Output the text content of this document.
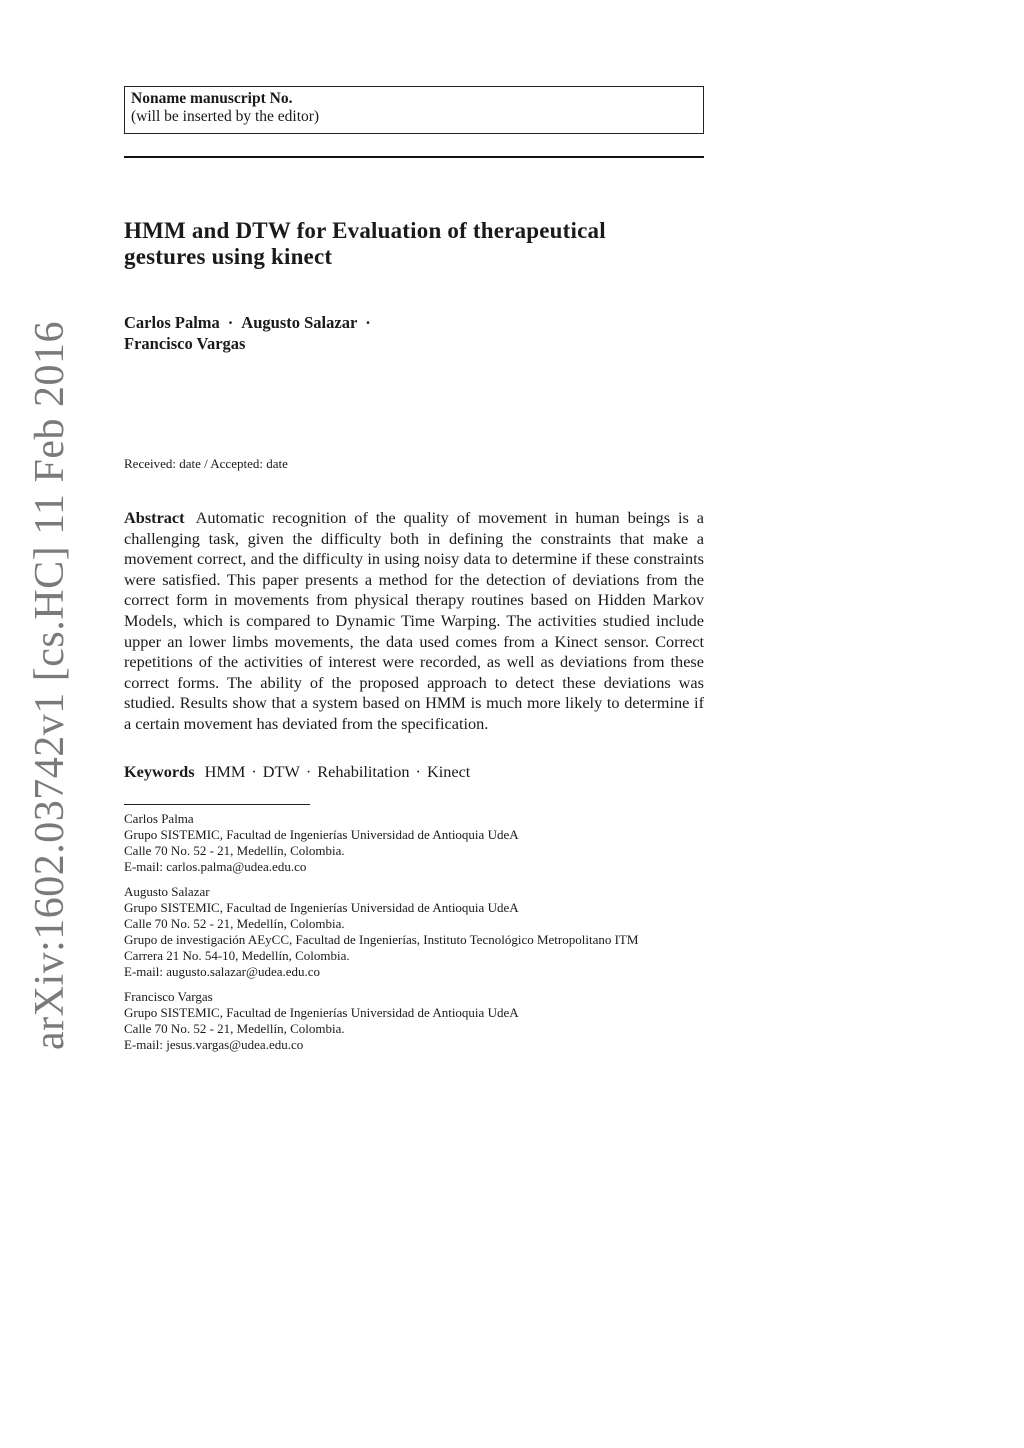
arXiv:1602.03742v1 [cs.HC] 11 Feb 2016
Noname manuscript No.
(will be inserted by the editor)
HMM and DTW for Evaluation of therapeutical
gestures using kinect
Carlos Palma · Augusto Salazar ·
Francisco Vargas
Received: date / Accepted: date
Abstract Automatic recognition of the quality of movement in human beings is a challenging task, given the difficulty both in defining the constraints that make a movement correct, and the difficulty in using noisy data to determine if these constraints were satisfied. This paper presents a method for the detection of deviations from the correct form in movements from physical therapy routines based on Hidden Markov Models, which is compared to Dynamic Time Warping. The activities studied include upper an lower limbs movements, the data used comes from a Kinect sensor. Correct repetitions of the activities of interest were recorded, as well as deviations from these correct forms. The ability of the proposed approach to detect these deviations was studied. Results show that a system based on HMM is much more likely to determine if a certain movement has deviated from the specification.
Keywords HMM · DTW · Rehabilitation · Kinect
Carlos Palma
Grupo SISTEMIC, Facultad de Ingenierías Universidad de Antioquia UdeA
Calle 70 No. 52 - 21, Medellín, Colombia.
E-mail: carlos.palma@udea.edu.co
Augusto Salazar
Grupo SISTEMIC, Facultad de Ingenierías Universidad de Antioquia UdeA
Calle 70 No. 52 - 21, Medellín, Colombia.
Grupo de investigación AEyCC, Facultad de Ingenierías, Instituto Tecnológico Metropolitano ITM
Carrera 21 No. 54-10, Medellín, Colombia.
E-mail: augusto.salazar@udea.edu.co
Francisco Vargas
Grupo SISTEMIC, Facultad de Ingenierías Universidad de Antioquia UdeA
Calle 70 No. 52 - 21, Medellín, Colombia.
E-mail: jesus.vargas@udea.edu.co
